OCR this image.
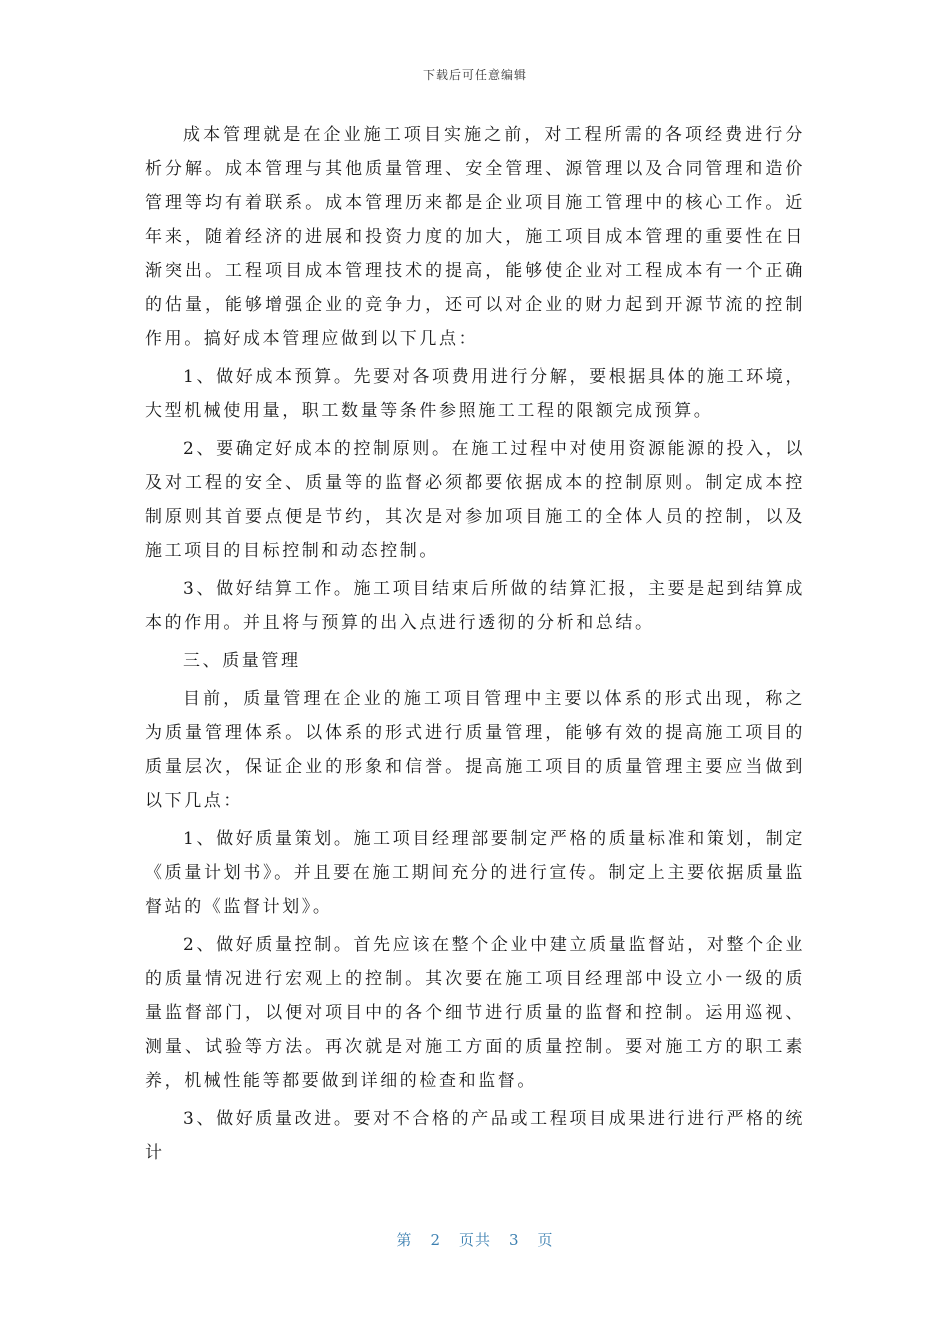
下载后可任意编辑

成本管理就是在企业施工项目实施之前，对工程所需的各项经费进行分析分解。成本管理与其他质量管理、安全管理、源管理以及合同管理和造价管理等均有着联系。成本管理历来都是企业项目施工管理中的核心工作。近年来，随着经济的进展和投资力度的加大，施工项目成本管理的重要性在日渐突出。工程项目成本管理技术的提高，能够使企业对工程成本有一个正确的估量，能够增强企业的竞争力，还可以对企业的财力起到开源节流的控制作用。搞好成本管理应做到以下几点：

1、做好成本预算。先要对各项费用进行分解，要根据具体的施工环境，大型机械使用量，职工数量等条件参照施工工程的限额完成预算。

2、要确定好成本的控制原则。在施工过程中对使用资源能源的投入，以及对工程的安全、质量等的监督必须都要依据成本的控制原则。制定成本控制原则其首要点便是节约，其次是对参加项目施工的全体人员的控制，以及施工项目的目标控制和动态控制。

3、做好结算工作。施工项目结束后所做的结算汇报，主要是起到结算成本的作用。并且将与预算的出入点进行透彻的分析和总结。

三、质量管理

目前，质量管理在企业的施工项目管理中主要以体系的形式出现，称之为质量管理体系。以体系的形式进行质量管理，能够有效的提高施工项目的质量层次，保证企业的形象和信誉。提高施工项目的质量管理主要应当做到以下几点：

1、做好质量策划。施工项目经理部要制定严格的质量标准和策划，制定《质量计划书》。并且要在施工期间充分的进行宣传。制定上主要依据质量监督站的《监督计划》。

2、做好质量控制。首先应该在整个企业中建立质量监督站，对整个企业的质量情况进行宏观上的控制。其次要在施工项目经理部中设立小一级的质量监督部门，以便对项目中的各个细节进行质量的监督和控制。运用巡视、测量、试验等方法。再次就是对施工方面的质量控制。要对施工方的职工素养，机械性能等都要做到详细的检查和监督。

3、做好质量改进。要对不合格的产品或工程项目成果进行进行严格的统计

第 2 页共 3 页
